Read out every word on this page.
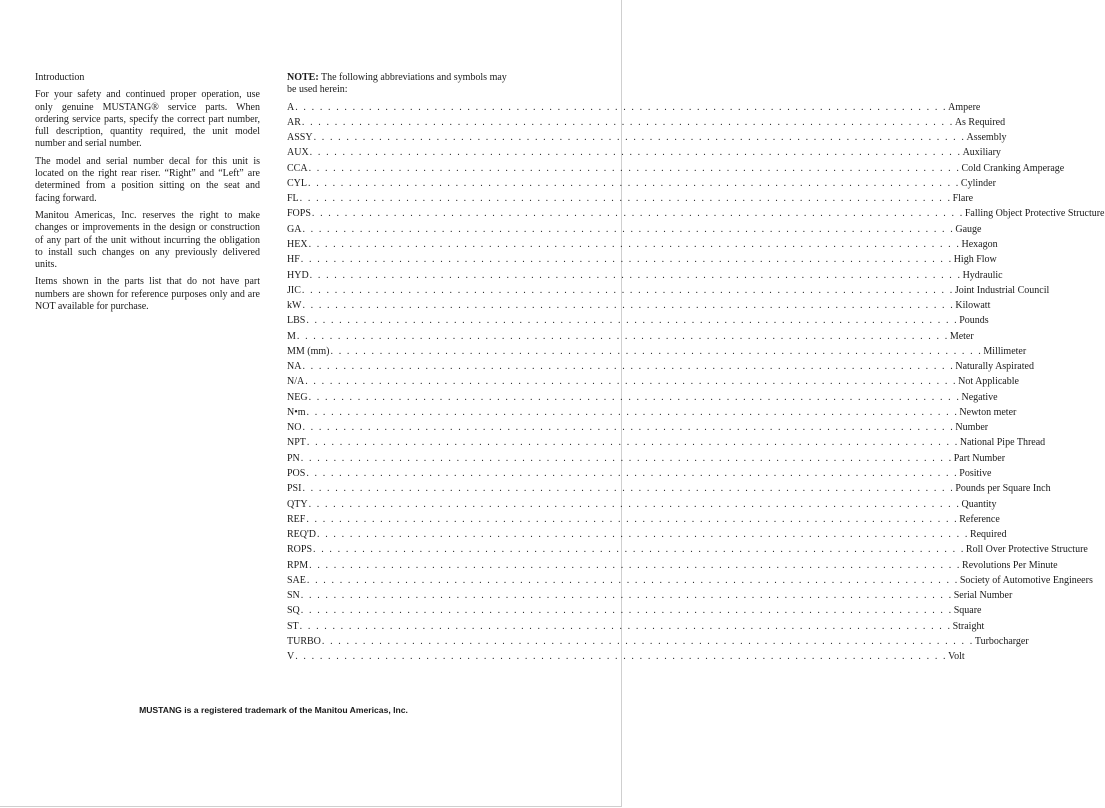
Introduction

For your safety and continued proper operation, use only genuine MUSTANG® service parts. When ordering service parts, specify the correct part number, full description, quantity required, the unit model number and serial number.

The model and serial number decal for this unit is located on the right rear riser. “Right” and “Left” are determined from a position sitting on the seat and facing forward.

Manitou Americas, Inc. reserves the right to make changes or improvements in the design or construction of any part of the unit without incurring the obligation to install such changes on any previously delivered units.

Items shown in the parts list that do not have part numbers are shown for reference purposes only and are NOT available for purchase.

NOTE: The following abbreviations and symbols may be used herein:
A . . . . . . . . . . . . . . . . . . . . . . . . . . . . . . . . . . . . . . . . . . . . . . . . . . . . . . . . . . . . . . . . . . . . . . . . . . . . . . . . Ampere
AR . . . . . . . . . . . . . . . . . . . . . . . . . . . . . . . . . . . . . . . . . . . . . . . . . . . . . . . . . . . . . . . . . . . . . . . . . . . . . . . . As Required
ASSY . . . . . . . . . . . . . . . . . . . . . . . . . . . . . . . . . . . . . . . . . . . . . . . . . . . . . . . . . . . . . . . . . . . . . . . . . . . . . . . . Assembly
AUX . . . . . . . . . . . . . . . . . . . . . . . . . . . . . . . . . . . . . . . . . . . . . . . . . . . . . . . . . . . . . . . . . . . . . . . . . . . . . . . . Auxiliary
CCA . . . . . . . . . . . . . . . . . . . . . . . . . . . . . . . . . . . . . . . . . . . . . . . . . . . . . . . . . . . . . . . . . . . . . . . . . . . . . . . . Cold Cranking Amperage
CYL . . . . . . . . . . . . . . . . . . . . . . . . . . . . . . . . . . . . . . . . . . . . . . . . . . . . . . . . . . . . . . . . . . . . . . . . . . . . . . . . Cylinder
FL . . . . . . . . . . . . . . . . . . . . . . . . . . . . . . . . . . . . . . . . . . . . . . . . . . . . . . . . . . . . . . . . . . . . . . . . . . . . . . . . Flare
FOPS . . . . . . . . . . . . . . . . . . . . . . . . . . . . . . . . . . . . . . . . . . . . . . . . . . . . . . . . . . . . . . . . . . . . . . . . . . . . . . . . Falling Object Protective Structure
GA . . . . . . . . . . . . . . . . . . . . . . . . . . . . . . . . . . . . . . . . . . . . . . . . . . . . . . . . . . . . . . . . . . . . . . . . . . . . . . . . Gauge
HEX . . . . . . . . . . . . . . . . . . . . . . . . . . . . . . . . . . . . . . . . . . . . . . . . . . . . . . . . . . . . . . . . . . . . . . . . . . . . . . . . Hexagon
HF . . . . . . . . . . . . . . . . . . . . . . . . . . . . . . . . . . . . . . . . . . . . . . . . . . . . . . . . . . . . . . . . . . . . . . . . . . . . . . . . High Flow
HYD . . . . . . . . . . . . . . . . . . . . . . . . . . . . . . . . . . . . . . . . . . . . . . . . . . . . . . . . . . . . . . . . . . . . . . . . . . . . . . . . Hydraulic
JIC . . . . . . . . . . . . . . . . . . . . . . . . . . . . . . . . . . . . . . . . . . . . . . . . . . . . . . . . . . . . . . . . . . . . . . . . . . . . . . . . Joint Industrial Council
kW . . . . . . . . . . . . . . . . . . . . . . . . . . . . . . . . . . . . . . . . . . . . . . . . . . . . . . . . . . . . . . . . . . . . . . . . . . . . . . . . Kilowatt
LBS . . . . . . . . . . . . . . . . . . . . . . . . . . . . . . . . . . . . . . . . . . . . . . . . . . . . . . . . . . . . . . . . . . . . . . . . . . . . . . . . Pounds
M . . . . . . . . . . . . . . . . . . . . . . . . . . . . . . . . . . . . . . . . . . . . . . . . . . . . . . . . . . . . . . . . . . . . . . . . . . . . . . . . Meter
MM (mm) . . . . . . . . . . . . . . . . . . . . . . . . . . . . . . . . . . . . . . . . . . . . . . . . . . . . . . . . . . . . . . . . . . . . . . . . . . . . . . . . Millimeter
NA . . . . . . . . . . . . . . . . . . . . . . . . . . . . . . . . . . . . . . . . . . . . . . . . . . . . . . . . . . . . . . . . . . . . . . . . . . . . . . . . Naturally Aspirated
N/A . . . . . . . . . . . . . . . . . . . . . . . . . . . . . . . . . . . . . . . . . . . . . . . . . . . . . . . . . . . . . . . . . . . . . . . . . . . . . . . . Not Applicable
NEG . . . . . . . . . . . . . . . . . . . . . . . . . . . . . . . . . . . . . . . . . . . . . . . . . . . . . . . . . . . . . . . . . . . . . . . . . . . . . . . . Negative
N•m . . . . . . . . . . . . . . . . . . . . . . . . . . . . . . . . . . . . . . . . . . . . . . . . . . . . . . . . . . . . . . . . . . . . . . . . . . . . . . . . Newton meter
NO . . . . . . . . . . . . . . . . . . . . . . . . . . . . . . . . . . . . . . . . . . . . . . . . . . . . . . . . . . . . . . . . . . . . . . . . . . . . . . . . Number
NPT . . . . . . . . . . . . . . . . . . . . . . . . . . . . . . . . . . . . . . . . . . . . . . . . . . . . . . . . . . . . . . . . . . . . . . . . . . . . . . . . National Pipe Thread
PN . . . . . . . . . . . . . . . . . . . . . . . . . . . . . . . . . . . . . . . . . . . . . . . . . . . . . . . . . . . . . . . . . . . . . . . . . . . . . . . . Part Number
POS . . . . . . . . . . . . . . . . . . . . . . . . . . . . . . . . . . . . . . . . . . . . . . . . . . . . . . . . . . . . . . . . . . . . . . . . . . . . . . . . Positive
PSI . . . . . . . . . . . . . . . . . . . . . . . . . . . . . . . . . . . . . . . . . . . . . . . . . . . . . . . . . . . . . . . . . . . . . . . . . . . . . . . . Pounds per Square Inch
QTY . . . . . . . . . . . . . . . . . . . . . . . . . . . . . . . . . . . . . . . . . . . . . . . . . . . . . . . . . . . . . . . . . . . . . . . . . . . . . . . . Quantity
REF . . . . . . . . . . . . . . . . . . . . . . . . . . . . . . . . . . . . . . . . . . . . . . . . . . . . . . . . . . . . . . . . . . . . . . . . . . . . . . . . Reference
REQ'D . . . . . . . . . . . . . . . . . . . . . . . . . . . . . . . . . . . . . . . . . . . . . . . . . . . . . . . . . . . . . . . . . . . . . . . . . . . . . . . . Required
ROPS . . . . . . . . . . . . . . . . . . . . . . . . . . . . . . . . . . . . . . . . . . . . . . . . . . . . . . . . . . . . . . . . . . . . . . . . . . . . . . . . Roll Over Protective Structure
RPM . . . . . . . . . . . . . . . . . . . . . . . . . . . . . . . . . . . . . . . . . . . . . . . . . . . . . . . . . . . . . . . . . . . . . . . . . . . . . . . . Revolutions Per Minute
SAE . . . . . . . . . . . . . . . . . . . . . . . . . . . . . . . . . . . . . . . . . . . . . . . . . . . . . . . . . . . . . . . . . . . . . . . . . . . . . . . . Society of Automotive Engineers
SN . . . . . . . . . . . . . . . . . . . . . . . . . . . . . . . . . . . . . . . . . . . . . . . . . . . . . . . . . . . . . . . . . . . . . . . . . . . . . . . . Serial Number
SQ . . . . . . . . . . . . . . . . . . . . . . . . . . . . . . . . . . . . . . . . . . . . . . . . . . . . . . . . . . . . . . . . . . . . . . . . . . . . . . . . Square
ST . . . . . . . . . . . . . . . . . . . . . . . . . . . . . . . . . . . . . . . . . . . . . . . . . . . . . . . . . . . . . . . . . . . . . . . . . . . . . . . . Straight
TURBO . . . . . . . . . . . . . . . . . . . . . . . . . . . . . . . . . . . . . . . . . . . . . . . . . . . . . . . . . . . . . . . . . . . . . . . . . . . . . . . . Turbocharger
V . . . . . . . . . . . . . . . . . . . . . . . . . . . . . . . . . . . . . . . . . . . . . . . . . . . . . . . . . . . . . . . . . . . . . . . . . . . . . . . . Volt
MUSTANG is a registered trademark of the Manitou Americas, Inc.
